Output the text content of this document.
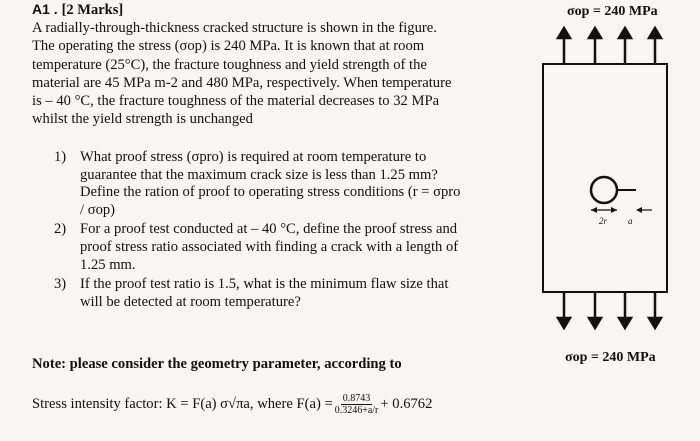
A1 . [2 Marks]

A radially-through-thickness cracked structure is shown in the figure.

The operating the stress (σop) is 240 MPa. It is known that at room

temperature (25°C), the fracture toughness and yield strength of the

material are 45 MPa m-2 and 480 MPa, respectively. When temperature

is – 40 °C, the fracture toughness of the material decreases to 32 MPa

whilst the yield strength is unchanged

1) What proof stress (σpro) is required at room temperature to
guarantee that the maximum crack size is less than 1.25 mm?
Define the ration of proof to operating stress conditions (r = σpro
/ σop)
2) For a proof test conducted at – 40 °C, define the proof stress and
proof stress ratio associated with finding a crack with a length of
1.25 mm.
3) If the proof test ratio is 1.5, what is the minimum flaw size that
will be detected at room temperature?
Note: please consider the geometry parameter, according to
Stress intensity factor: K = F(a) σ√πa, where $F(a) = \frac{0.8743}{0.3246+a/r} + 0.6762$
σop = 240 MPa
σop = 240 MPa
2r a
